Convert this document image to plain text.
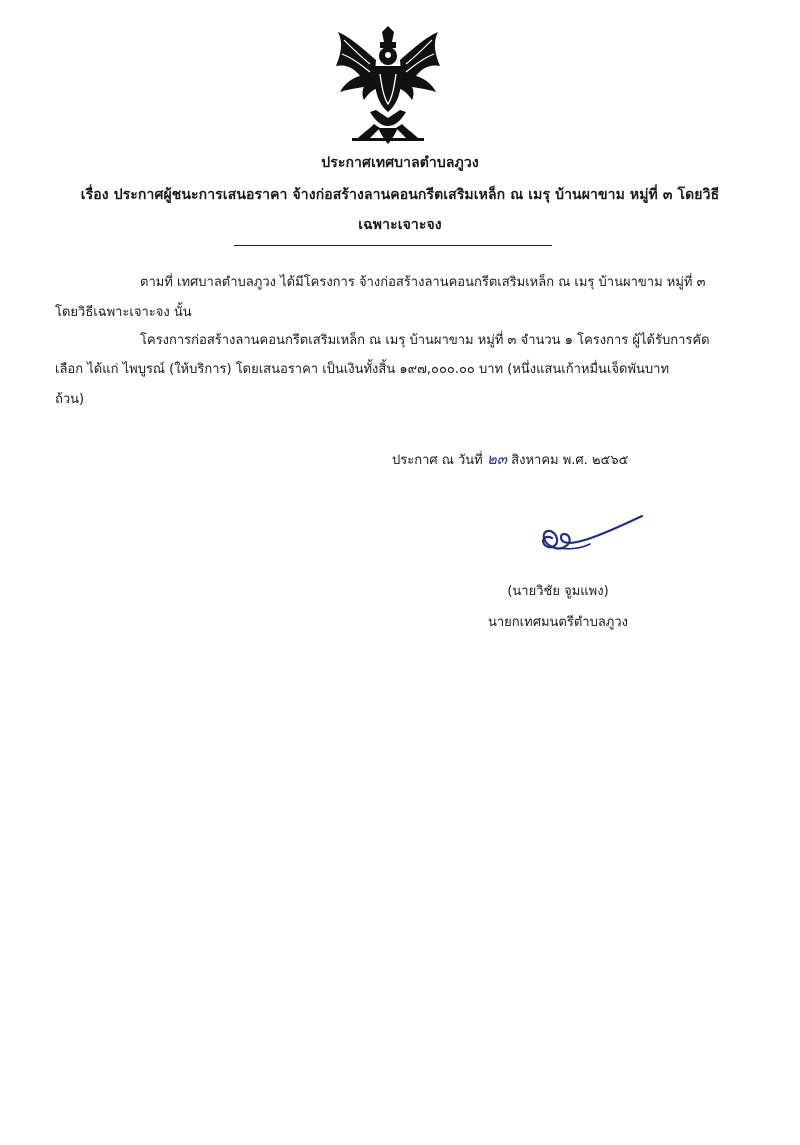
ประกาศเทศบาลตำบลภูวง
เรื่อง ประกาศผู้ชนะการเสนอราคา จ้างก่อสร้างลานคอนกรีตเสริมเหล็ก ณ เมรุ บ้านผาขาม หมู่ที่ ๓ โดยวิธี
เฉพาะเจาะจง
ตามที่ เทศบาลตำบลภูวง ได้มีโครงการ จ้างก่อสร้างลานคอนกรีตเสริมเหล็ก ณ เมรุ บ้านผาขาม หมู่ที่ ๓
โดยวิธีเฉพาะเจาะจง นั้น
โครงการก่อสร้างลานคอนกรีตเสริมเหล็ก ณ เมรุ บ้านผาขาม หมู่ที่ ๓ จำนวน ๑ โครงการ ผู้ได้รับการคัด
เลือก ได้แก่ ไพบูรณ์ (ให้บริการ) โดยเสนอราคา เป็นเงินทั้งสิ้น ๑๙๗,๐๐๐.๐๐ บาท (หนึ่งแสนเก้าหมื่นเจ็ดพันบาท
ถ้วน)
ประกาศ ณ วันที่ ๒๓ สิงหาคม พ.ศ. ๒๕๖๕
(นายวิชัย จูมแพง)
นายกเทศมนตรีตำบลภูวง
